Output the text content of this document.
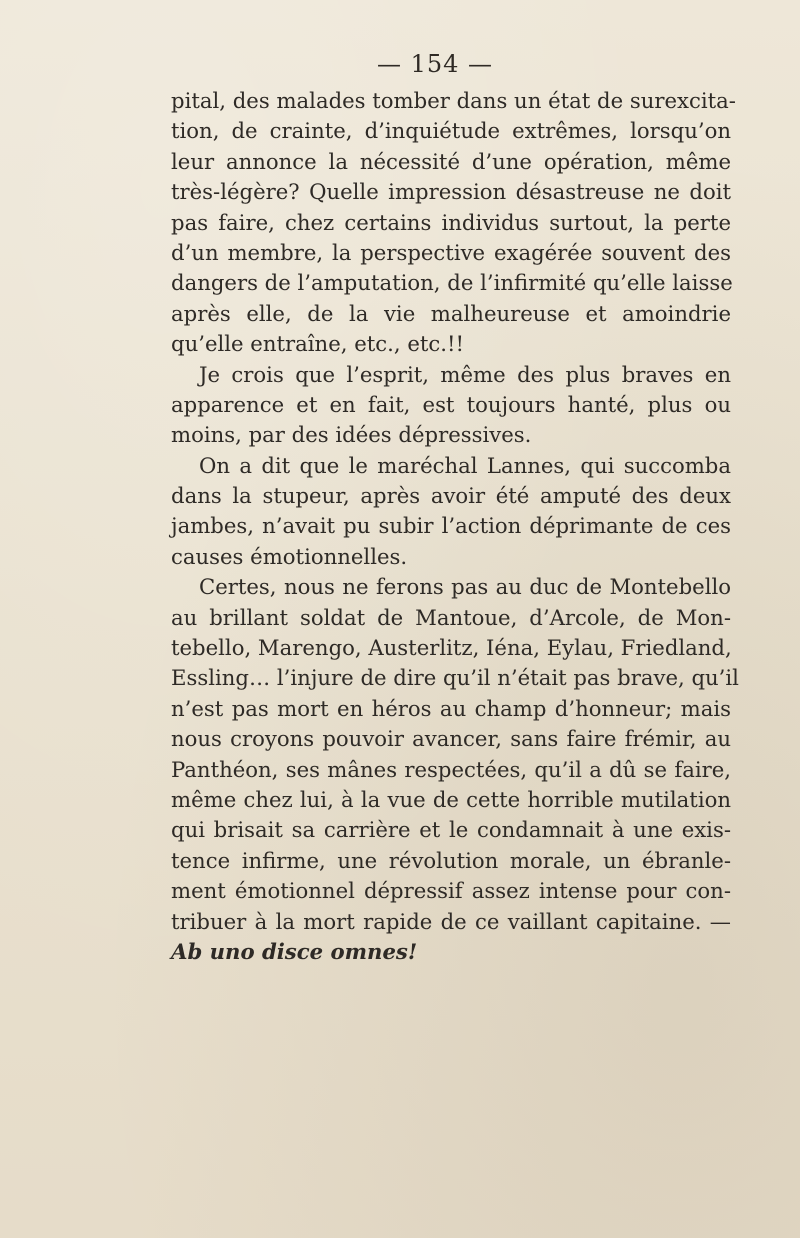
— 154 —
pital, des malades tomber dans un état de surexcita-
tion, de crainte, d’inquiétude extrêmes, lorsqu’on
leur annonce la nécessité d’une opération, même
très-légère? Quelle impression désastreuse ne doit
pas faire, chez certains individus surtout, la perte
d’un membre, la perspective exagérée souvent des
dangers de l’amputation, de l’infirmité qu’elle laisse
après elle, de la vie malheureuse et amoindrie
qu’elle entraîne, etc., etc.!!
Je crois que l’esprit, même des plus braves en
apparence et en fait, est toujours hanté, plus ou
moins, par des idées dépressives.
On a dit que le maréchal Lannes, qui succomba
dans la stupeur, après avoir été amputé des deux
jambes, n’avait pu subir l’action déprimante de ces
causes émotionnelles.
Certes, nous ne ferons pas au duc de Montebello
au brillant soldat de Mantoue, d’Arcole, de Mon-
tebello, Marengo, Austerlitz, Iéna, Eylau, Friedland,
Essling… l’injure de dire qu’il n’était pas brave, qu’il
n’est pas mort en héros au champ d’honneur; mais
nous croyons pouvoir avancer, sans faire frémir, au
Panthéon, ses mânes respectées, qu’il a dû se faire,
même chez lui, à la vue de cette horrible mutilation
qui brisait sa carrière et le condamnait à une exis-
tence infirme, une révolution morale, un ébranle-
ment émotionnel dépressif assez intense pour con-
tribuer à la mort rapide de ce vaillant capitaine. —
Ab uno disce omnes!
